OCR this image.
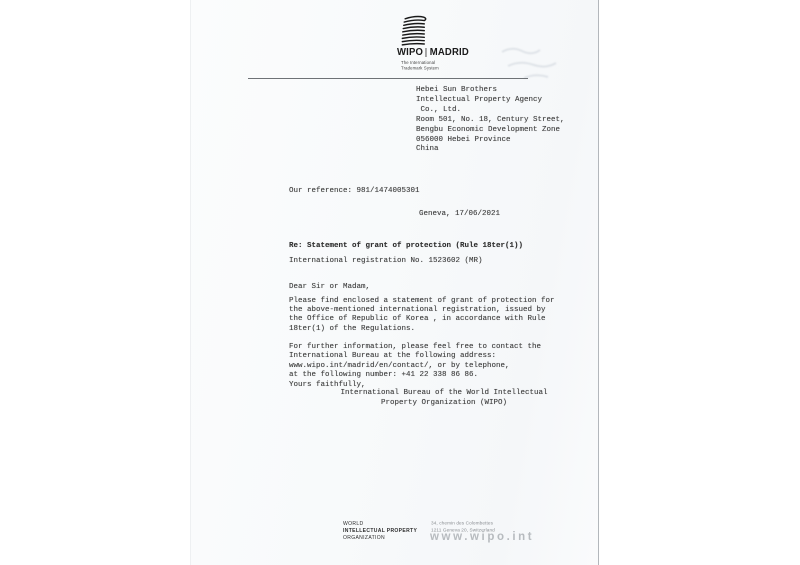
WIPO MADRID
The International
Trademark System
Hebei Sun Brothers
Intellectual Property Agency
Co., Ltd.
Room 501, No. 18, Century Street,
Bengbu Economic Development Zone
056000 Hebei Province
China
Our reference: 981/1474005301
Geneva, 17/06/2021
Re: Statement of grant of protection (Rule 18ter(1))
International registration No. 1523602 (MR)
Dear Sir or Madam,
Please find enclosed a statement of grant of protection for
the above-mentioned international registration, issued by
the Office of Republic of Korea , in accordance with Rule
18ter(1) of the Regulations.
For further information, please feel free to contact the
International Bureau at the following address:
www.wipo.int/madrid/en/contact/, or by telephone,
at the following number: +41 22 338 86 86.
Yours faithfully,
International Bureau of the World Intellectual
Property Organization (WIPO)
WORLD
INTELLECTUAL PROPERTY
ORGANIZATION
34, chemin des Colombettes
1211 Geneva 20, Switzerland
www.wipo.int
